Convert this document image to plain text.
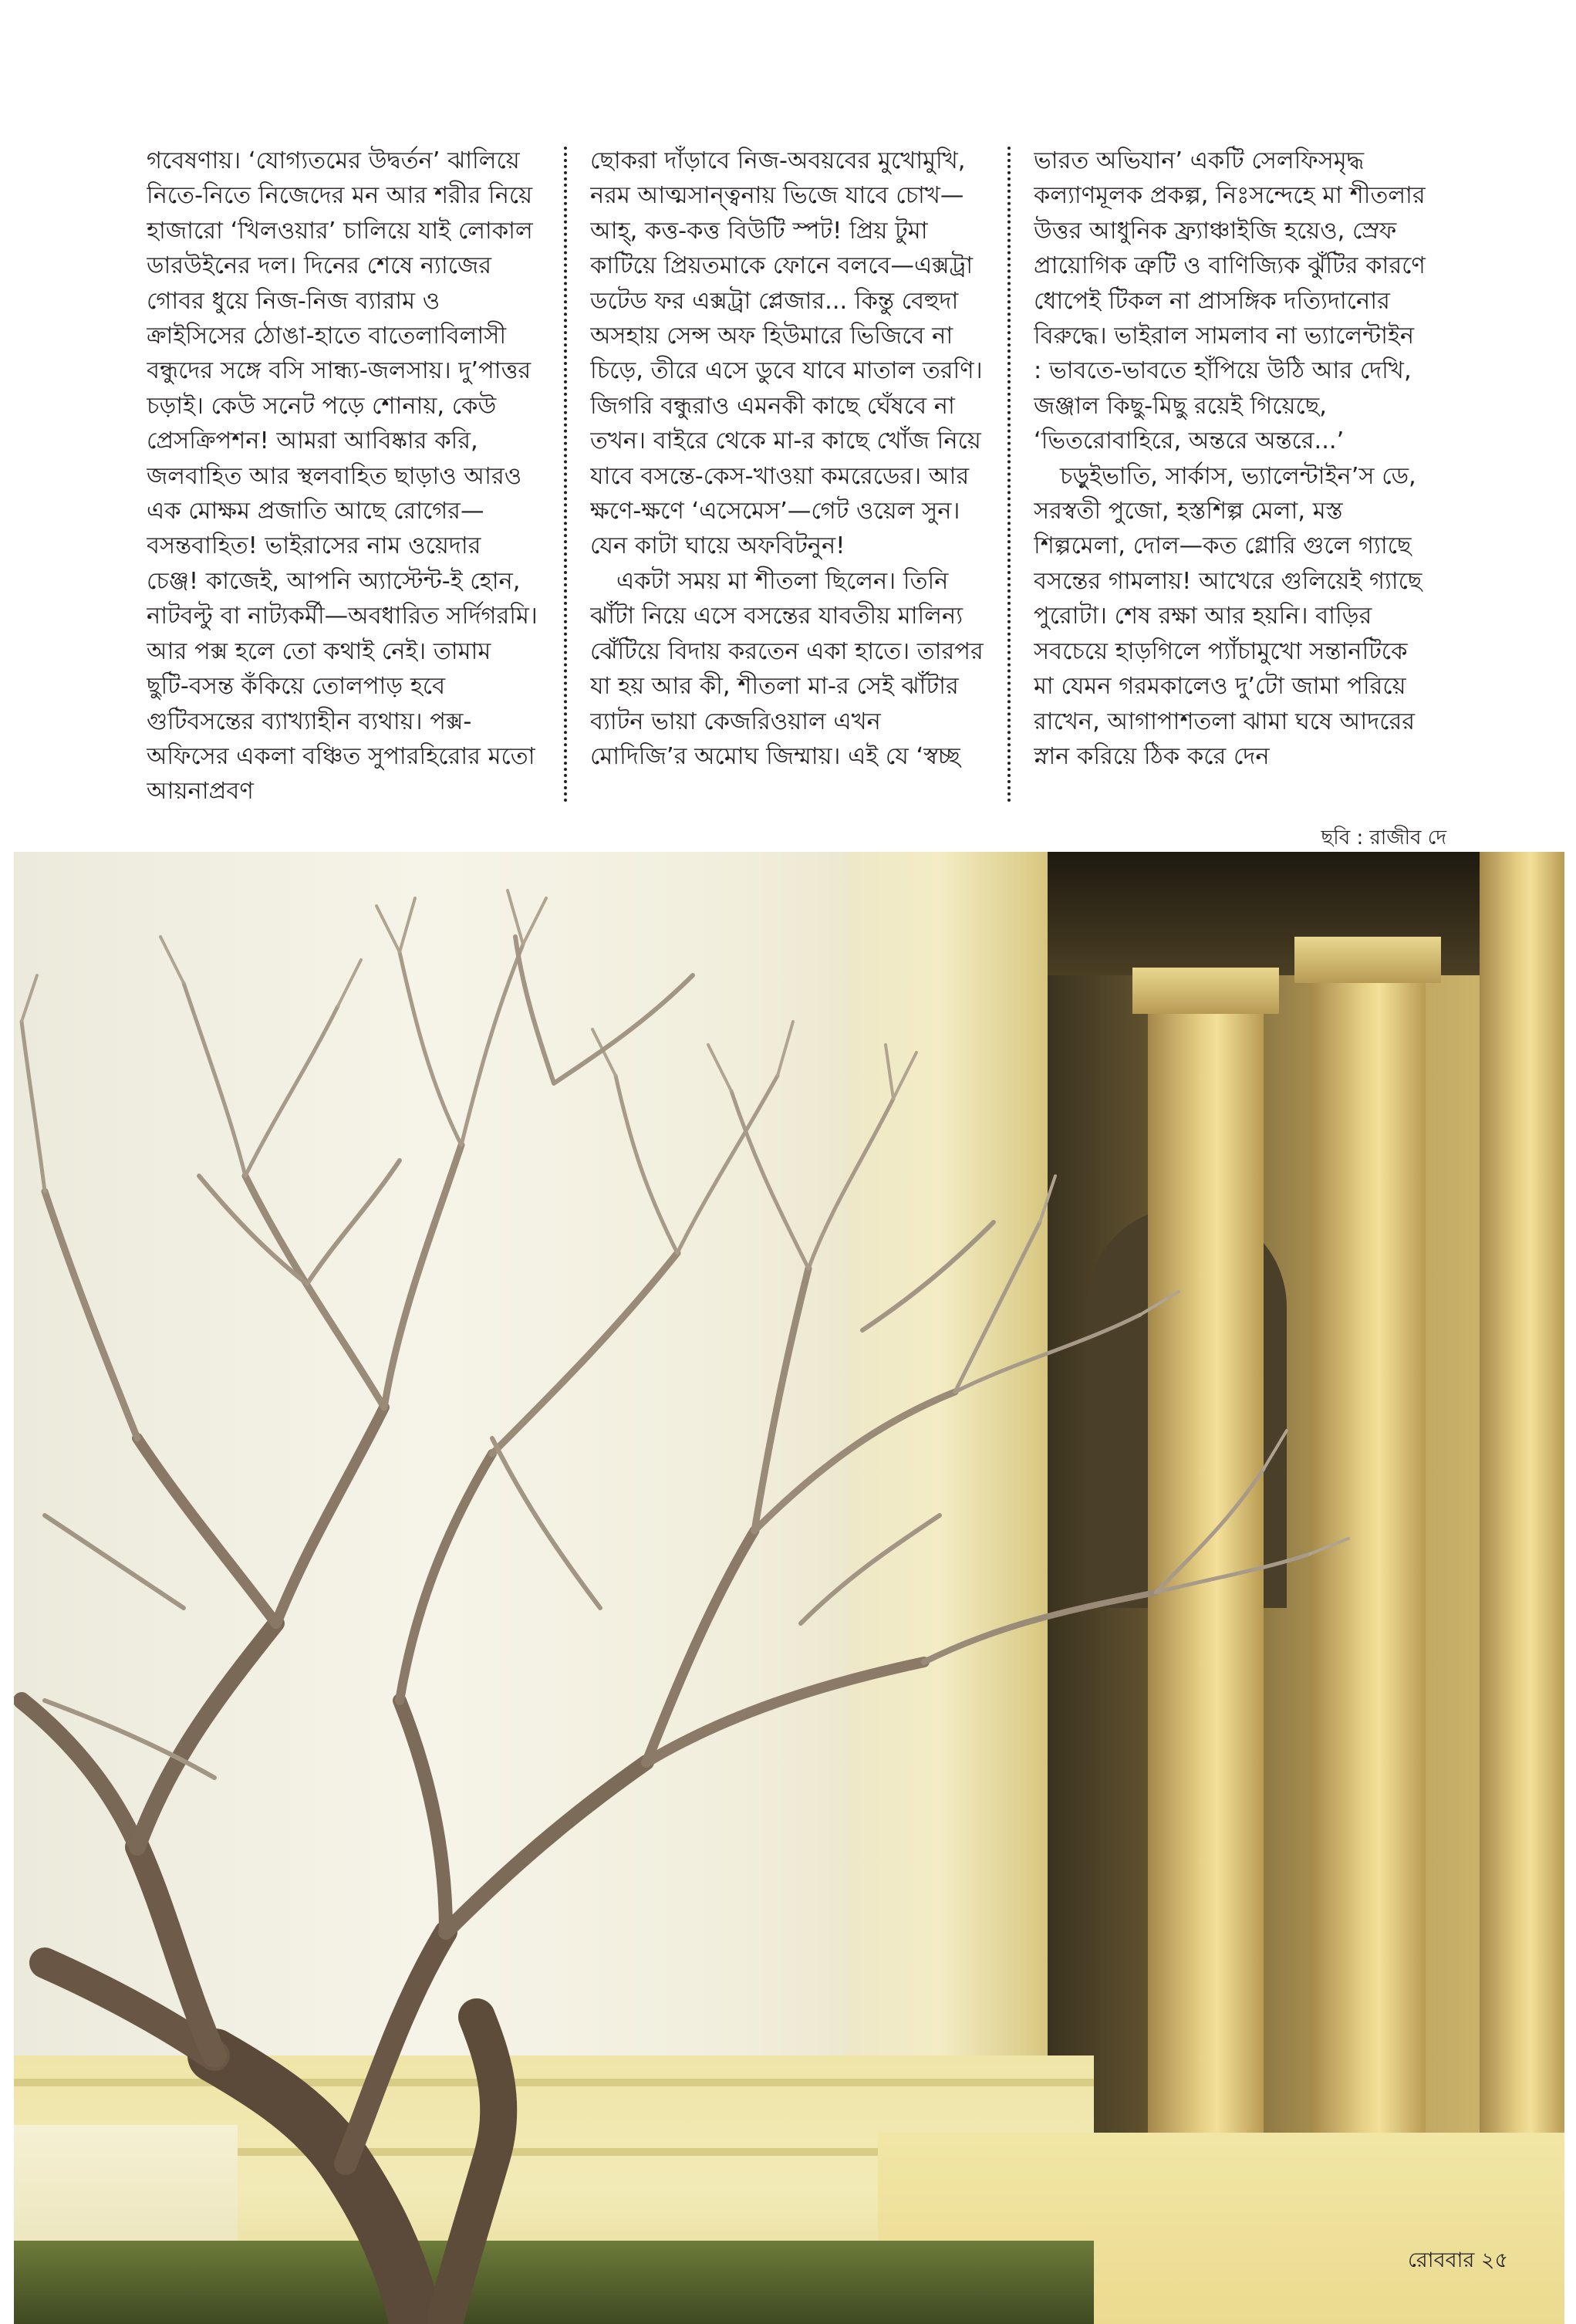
গবেষণায়। ‘যোগ্যতমের উদ্বর্তন’ ঝালিয়ে নিতে-নিতে নিজেদের মন আর শরীর নিয়ে হাজারো ‘খিলওয়ার’ চালিয়ে যাই লোকাল ডারউইনের দল। দিনের শেষে ন্যাজের গোবর ধুয়ে নিজ-নিজ ব্যারাম ও ক্রাইসিসের ঠোঙা-হাতে বাতেলাবিলাসী বন্ধুদের সঙ্গে বসি সান্ধ্য-জলসায়। দু’পাত্তর চড়াই। কেউ সনেট পড়ে শোনায়, কেউ প্রেসক্রিপশন! আমরা আবিষ্কার করি, জলবাহিত আর স্থলবাহিত ছাড়াও আরও এক মোক্ষম প্রজাতি আছে রোগের—বসন্তবাহিত! ভাইরাসের নাম ওয়েদার চেঞ্জ! কাজেই, আপনি অ্যাস্টেন্ট-ই হোন, নাটবল্টু বা নাট্যকর্মী—অবধারিত সর্দিগরমি। আর পক্স হলে তো কথাই নেই। তামাম ছুটি-বসন্ত কঁকিয়ে তোলপাড় হবে গুটিবসন্তের ব্যাখ্যাহীন ব্যথায়। পক্স-অফিসের একলা বঞ্চিত সুপারহিরোর মতো আয়নাপ্রবণ

ছোকরা দাঁড়াবে নিজ-অবয়বের মুখোমুখি, নরম আত্মসান্ত্বনায় ভিজে যাবে চোখ—আহ্, কত্ত-কত্ত বিউটি স্পট! প্রিয় টুমা কাটিয়ে প্রিয়তমাকে ফোনে বলবে—এক্সট্রা ডটেড ফর এক্সট্রা প্লেজার... কিন্তু বেহুদা অসহায় সেন্স অফ হিউমারে ভিজিবে না চিড়ে, তীরে এসে ডুবে যাবে মাতাল তরণি। জিগরি বন্ধুরাও এমনকী কাছে ঘেঁষবে না তখন। বাইরে থেকে মা-র কাছে খোঁজ নিয়ে যাবে বসন্তে-কেস-খাওয়া কমরেডের। আর ক্ষণে-ক্ষণে ‘এসেমেস’—গেট ওয়েল সুন। যেন কাটা ঘায়ে অফবিটনুন!

একটা সময় মা শীতলা ছিলেন। তিনি ঝাঁটা নিয়ে এসে বসন্তের যাবতীয় মালিন্য ঝেঁটিয়ে বিদায় করতেন একা হাতে। তারপর যা হয় আর কী, শীতলা মা-র সেই ঝাঁটার ব্যাটন ভায়া কেজরিওয়াল এখন মোদিজি’র অমোঘ জিম্মায়। এই যে ‘স্বচ্ছ

ভারত অভিযান’ একটি সেলফিসমৃদ্ধ কল্যাণমূলক প্রকল্প, নিঃসন্দেহে মা শীতলার উত্তর আধুনিক ফ্র্যাঞ্চাইজি হয়েও, স্রেফ প্রায়োগিক ত্রুটি ও বাণিজ্যিক ঝুঁটির কারণে ধোপেই টিকল না প্রাসঙ্গিক দত্যিদানোর বিরুদ্ধে। ভাইরাল সামলাব না ভ্যালেন্টাইন : ভাবতে-ভাবতে হাঁপিয়ে উঠি আর দেখি, জঞ্জাল কিছু-মিছু রয়েই গিয়েছে, ‘ভিতরোবাহিরে, অন্তরে অন্তরে...’

চড়ুইভাতি, সার্কাস, ভ্যালেন্টাইন’স ডে, সরস্বতী পুজো, হস্তশিল্প মেলা, মস্ত শিল্পমেলা, দোল—কত গ্লোরি গুলে গ্যাছে বসন্তের গামলায়! আখেরে গুলিয়েই গ্যাছে পুরোটা। শেষ রক্ষা আর হয়নি। বাড়ির সবচেয়ে হাড়গিলে প্যাঁচামুখো সন্তানটিকে মা যেমন গরমকালেও দু’টো জামা পরিয়ে রাখেন, আগাপাশতলা ঝামা ঘষে আদরের স্নান করিয়ে ঠিক করে দেন

ছবি : রাজীব দে
রোববার ২৫
